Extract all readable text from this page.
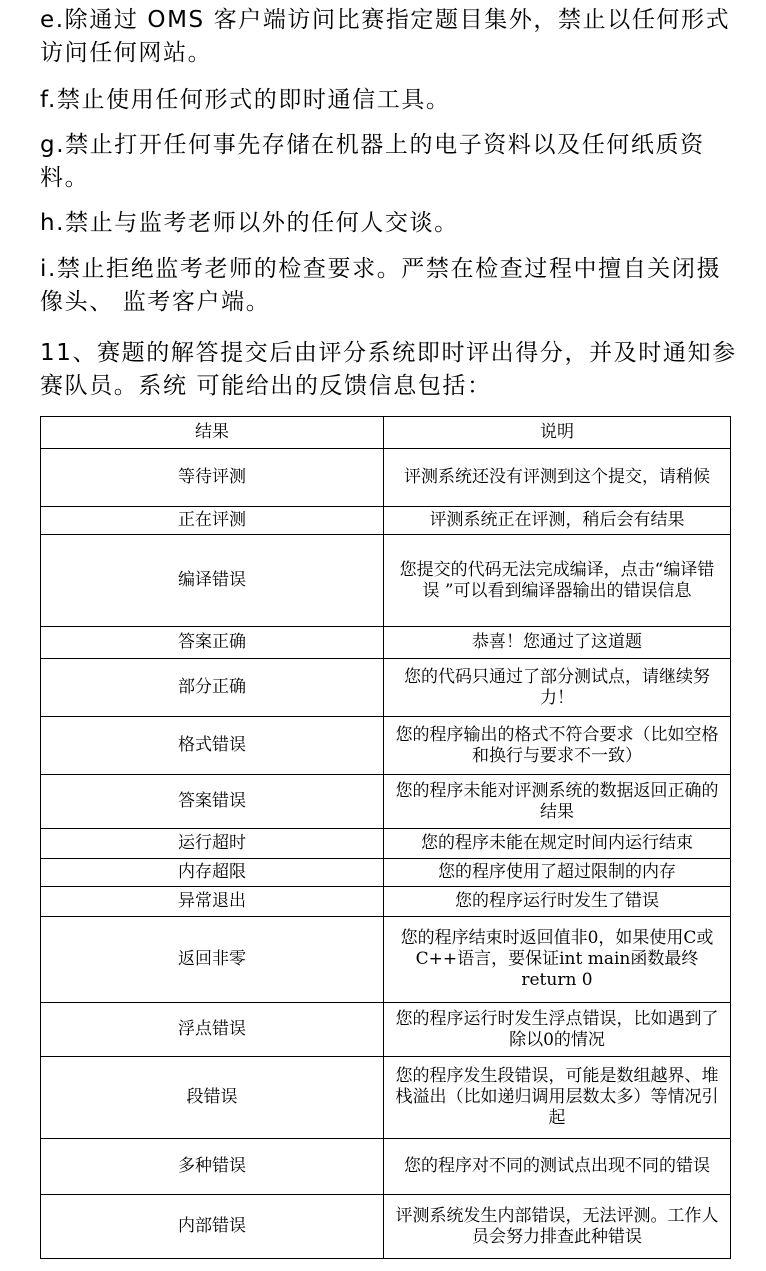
e.除通过 OMS 客户端访问比赛指定题目集外，禁止以任何形式访问任何网站。

f.禁止使用任何形式的即时通信工具。

g.禁止打开任何事先存储在机器上的电子资料以及任何纸质资料。

h.禁止与监考老师以外的任何人交谈。

i.禁止拒绝监考老师的检查要求。严禁在检查过程中擅自关闭摄像头、 监考客户端。

11、赛题的解答提交后由评分系统即时评出得分，并及时通知参赛队员。系统 可能给出的反馈信息包括：

结果	说明
等待评测	评测系统还没有评测到这个提交，请稍候
正在评测	评测系统正在评测，稍后会有结果
编译错误	您提交的代码无法完成编译，点击“编译错误 ”可以看到编译器输出的错误信息
答案正确	恭喜！您通过了这道题
部分正确	您的代码只通过了部分测试点，请继续努力！
格式错误	您的程序输出的格式不符合要求（比如空格和换行与要求不一致）
答案错误	您的程序未能对评测系统的数据返回正确的结果
运行超时	您的程序未能在规定时间内运行结束
内存超限	您的程序使用了超过限制的内存
异常退出	您的程序运行时发生了错误
返回非零	您的程序结束时返回值非0，如果使用C或 C++语言，要保证int main函数最终 return 0
浮点错误	您的程序运行时发生浮点错误，比如遇到了除以0的情况
段错误	您的程序发生段错误，可能是数组越界、堆栈溢出（比如递归调用层数太多）等情况引起
多种错误	您的程序对不同的测试点出现不同的错误
内部错误	评测系统发生内部错误，无法评测。工作人员会努力排查此种错误
